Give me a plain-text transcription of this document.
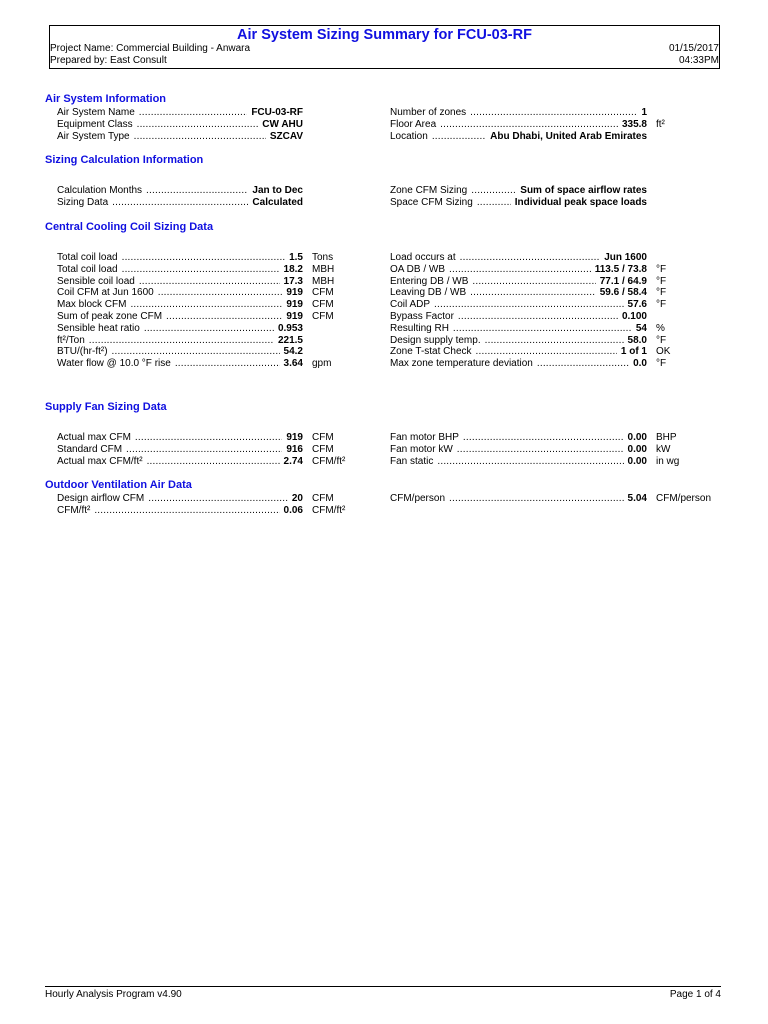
Air System Sizing Summary for FCU-03-RF
Project Name: Commercial Building - Anwara
Prepared by: East Consult
01/15/2017
04:33PM
Air System Information
Sizing Calculation Information
Central Cooling Coil Sizing Data
Supply Fan Sizing Data
Outdoor Ventilation Air Data
Air System Name .....	FCU-03-RF
Equipment Class .....	CW AHU
Air System Type .....	SZCAV
Number of zones .....	1
Floor Area .....	335.8 ft²
Location .....	Abu Dhabi, United Arab Emirates
Calculation Months .....	Jan to Dec
Sizing Data .....	Calculated
Zone CFM Sizing .....	Sum of space airflow rates
Space CFM Sizing .....	Individual peak space loads
Total coil load .....	1.5 Tons
Total coil load .....	18.2 MBH
Sensible coil load .....	17.3 MBH
Coil CFM at Jun 1600 .....	919 CFM
Max block CFM .....	919 CFM
Sum of peak zone CFM .....	919 CFM
Sensible heat ratio .....	0.953
ft²/Ton .....	221.5
BTU/(hr-ft²) .....	54.2
Water flow @ 10.0 °F rise .....	3.64 gpm
Load occurs at .....	Jun 1600
OA DB / WB .....	113.5 / 73.8 °F
Entering DB / WB .....	77.1 / 64.9 °F
Leaving DB / WB .....	59.6 / 58.4 °F
Coil ADP .....	57.6 °F
Bypass Factor .....	0.100
Resulting RH .....	54 %
Design supply temp. .....	58.0 °F
Zone T-stat Check .....	1 of 1 OK
Max zone temperature deviation .....	0.0 °F
Actual max CFM .....	919 CFM
Standard CFM .....	916 CFM
Actual max CFM/ft² .....	2.74 CFM/ft²
Fan motor BHP .....	0.00 BHP
Fan motor kW .....	0.00 kW
Fan static .....	0.00 in wg
Design airflow CFM .....	20 CFM
CFM/ft² .....	0.06 CFM/ft²
CFM/person .....	5.04 CFM/person
Hourly Analysis Program v4.90	Page 1 of 4
